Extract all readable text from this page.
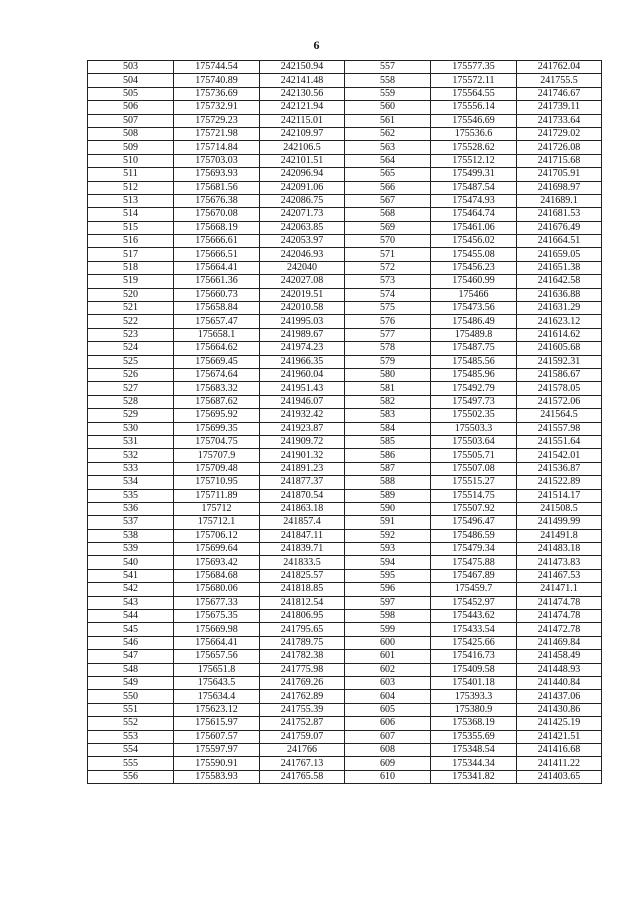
6
503	175744.54	242150.94	557	175577.35	241762.04
504	175740.89	242141.48	558	175572.11	241755.5
505	175736.69	242130.56	559	175564.55	241746.67
506	175732.91	242121.94	560	175556.14	241739.11
507	175729.23	242115.01	561	175546.69	241733.64
508	175721.98	242109.97	562	175536.6	241729.02
509	175714.84	242106.5	563	175528.62	241726.08
510	175703.03	242101.51	564	175512.12	241715.68
511	175693.93	242096.94	565	175499.31	241705.91
512	175681.56	242091.06	566	175487.54	241698.97
513	175676.38	242086.75	567	175474.93	241689.1
514	175670.08	242071.73	568	175464.74	241681.53
515	175668.19	242063.85	569	175461.06	241676.49
516	175666.61	242053.97	570	175456.02	241664.51
517	175666.51	242046.93	571	175455.08	241659.05
518	175664.41	242040	572	175456.23	241651.38
519	175661.36	242027.08	573	175460.99	241642.58
520	175660.73	242019.51	574	175466	241636.88
521	175658.84	242010.58	575	175473.56	241631.29
522	175657.47	241995.03	576	175486.49	241623.12
523	175658.1	241989.67	577	175489.8	241614.62
524	175664.62	241974.23	578	175487.75	241605.68
525	175669.45	241966.35	579	175485.56	241592.31
526	175674.64	241960.04	580	175485.96	241586.67
527	175683.32	241951.43	581	175492.79	241578.05
528	175687.62	241946.07	582	175497.73	241572.06
529	175695.92	241932.42	583	175502.35	241564.5
530	175699.35	241923.87	584	175503.3	241557.98
531	175704.75	241909.72	585	175503.64	241551.64
532	175707.9	241901.32	586	175505.71	241542.01
533	175709.48	241891.23	587	175507.08	241536.87
534	175710.95	241877.37	588	175515.27	241522.89
535	175711.89	241870.54	589	175514.75	241514.17
536	175712	241863.18	590	175507.92	241508.5
537	175712.1	241857.4	591	175496.47	241499.99
538	175706.12	241847.11	592	175486.59	241491.8
539	175699.64	241839.71	593	175479.34	241483.18
540	175693.42	241833.5	594	175475.88	241473.83
541	175684.68	241825.57	595	175467.89	241467.53
542	175680.06	241818.85	596	175459.7	241471.1
543	175677.33	241812.54	597	175452.97	241474.78
544	175675.35	241806.95	598	175443.62	241474.78
545	175669.98	241795.65	599	175433.54	241472.78
546	175664.41	241789.75	600	175425.66	241469.84
547	175657.56	241782.38	601	175416.73	241458.49
548	175651.8	241775.98	602	175409.58	241448.93
549	175643.5	241769.26	603	175401.18	241440.84
550	175634.4	241762.89	604	175393.3	241437.06
551	175623.12	241755.39	605	175380.9	241430.86
552	175615.97	241752.87	606	175368.19	241425.19
553	175607.57	241759.07	607	175355.69	241421.51
554	175597.97	241766	608	175348.54	241416.68
555	175590.91	241767.13	609	175344.34	241411.22
556	175583.93	241765.58	610	175341.82	241403.65
